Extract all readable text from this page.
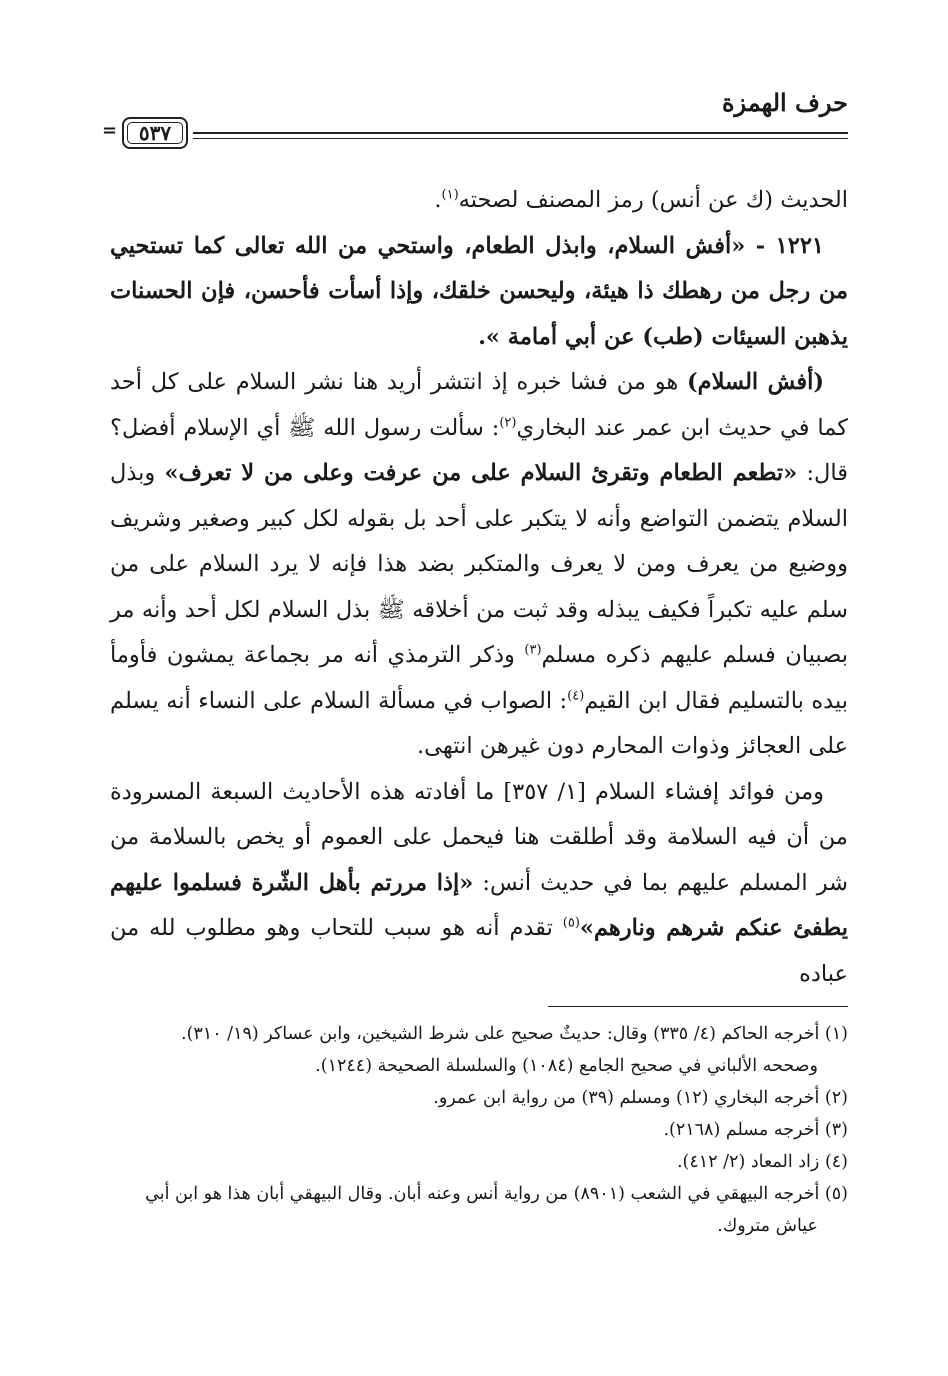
حرف الهمزة
= ٥٣٧

الحديث (ك عن أنس) رمز المصنف لصحته$^{(١)}$.

١٢٢١ - «أفش السلام، وابذل الطعام، واستحي من الله تعالى كما تستحيي من رجل من رهطك ذا هيئة، وليحسن خلقك، وإذا أسأت فأحسن، فإن الحسنات يذهبن السيئات (طب) عن أبي أمامة ».

(أفش السلام) هو من فشا خبره إذ انتشر أريد هنا نشر السلام على كل أحد كما في حديث ابن عمر عند البخاري$^{(٢)}$: سألت رسول الله ﷺ أي الإسلام أفضل؟ قال: «تطعم الطعام وتقرئ السلام على من عرفت وعلى من لا تعرف» وبذل السلام يتضمن التواضع وأنه لا يتكبر على أحد بل بقوله لكل كبير وصغير وشريف ووضيع من يعرف ومن لا يعرف والمتكبر بضد هذا فإنه لا يرد السلام على من سلم عليه تكبراً فكيف يبذله وقد ثبت من أخلاقه ﷺ بذل السلام لكل أحد وأنه مر بصبيان فسلم عليهم ذكره مسلم$^{(٣)}$ وذكر الترمذي أنه مر بجماعة يمشون فأومأ بيده بالتسليم فقال ابن القيم$^{(٤)}$: الصواب في مسألة السلام على النساء أنه يسلم على العجائز وذوات المحارم دون غيرهن انتهى.

ومن فوائد إفشاء السلام [١/ ٣٥٧] ما أفادته هذه الأحاديث السبعة المسرودة من أن فيه السلامة وقد أطلقت هنا فيحمل على العموم أو يخص بالسلامة من شر المسلم عليهم بما في حديث أنس: «إذا مررتم بأهل الشّرة فسلموا عليهم يطفئ عنكم شرهم ونارهم»$^{(٥)}$ تقدم أنه هو سبب للتحاب وهو مطلوب لله من عباده

(١) أخرجه الحاكم (٤/ ٣٣٥) وقال: حديثٌ صحيح على شرط الشيخين، وابن عساكر (١٩/ ٣١٠).

وصححه الألباني في صحيح الجامع (١٠٨٤) والسلسلة الصحيحة (١٢٤٤).

(٢) أخرجه البخاري (١٢) ومسلم (٣٩) من رواية ابن عمرو.

(٣) أخرجه مسلم (٢١٦٨).

(٤) زاد المعاد (٢/ ٤١٢).

(٥) أخرجه البيهقي في الشعب (٨٩٠١) من رواية أنس وعنه أبان. وقال البيهقي أبان هذا هو ابن أبي

عياش متروك.
